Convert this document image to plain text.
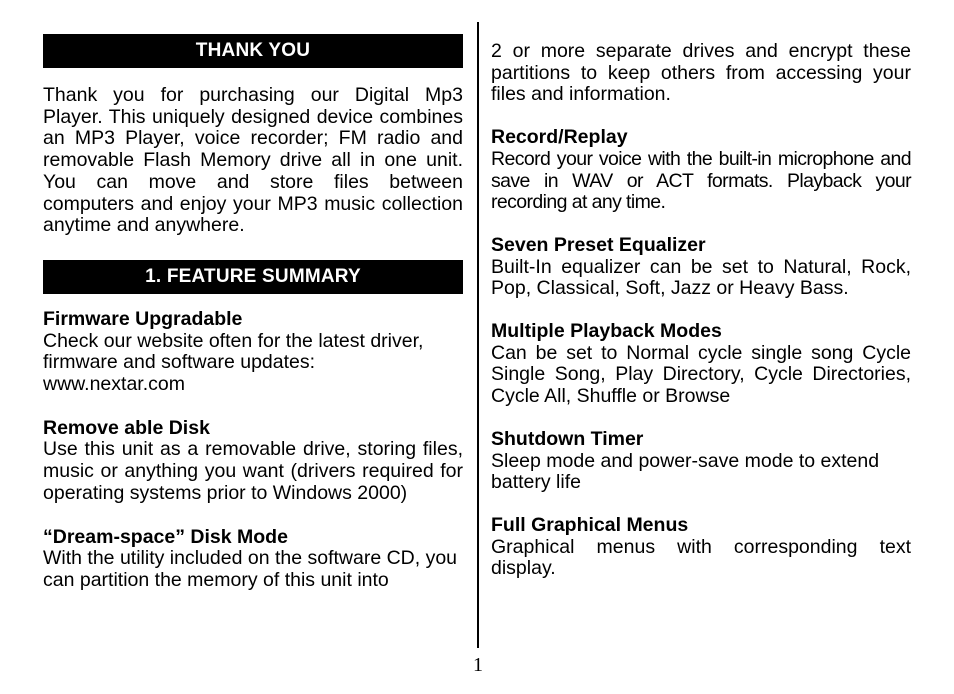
THANK YOU

Thank you for purchasing our Digital Mp3 Player. This uniquely designed device combines an MP3 Player, voice recorder; FM radio and removable Flash Memory drive all in one unit. You can move and store files between computers and enjoy your MP3 music collection anytime and anywhere.

1. FEATURE SUMMARY

Firmware Upgradable

Check our website often for the latest driver, firmware and software updates:

www.nextar.com

Remove able Disk

Use this unit as a removable drive, storing files, music or anything you want (drivers required for operating systems prior to Windows 2000)

“Dream-space” Disk Mode

With the utility included on the software CD, you can partition the memory of this unit into

2 or more separate drives and encrypt these partitions to keep others from accessing your files and information.

Record/Replay

Record your voice with the built-in microphone and save in WAV or ACT formats. Playback your recording at any time.

Seven Preset Equalizer

Built-In equalizer can be set to Natural, Rock, Pop, Classical, Soft, Jazz or Heavy Bass.

Multiple Playback Modes

Can be set to Normal cycle single song Cycle Single Song, Play Directory, Cycle Directories, Cycle All, Shuffle or Browse

Shutdown Timer

Sleep mode and power-save mode to extend battery life

Full Graphical Menus

Graphical menus with corresponding text display.

1
